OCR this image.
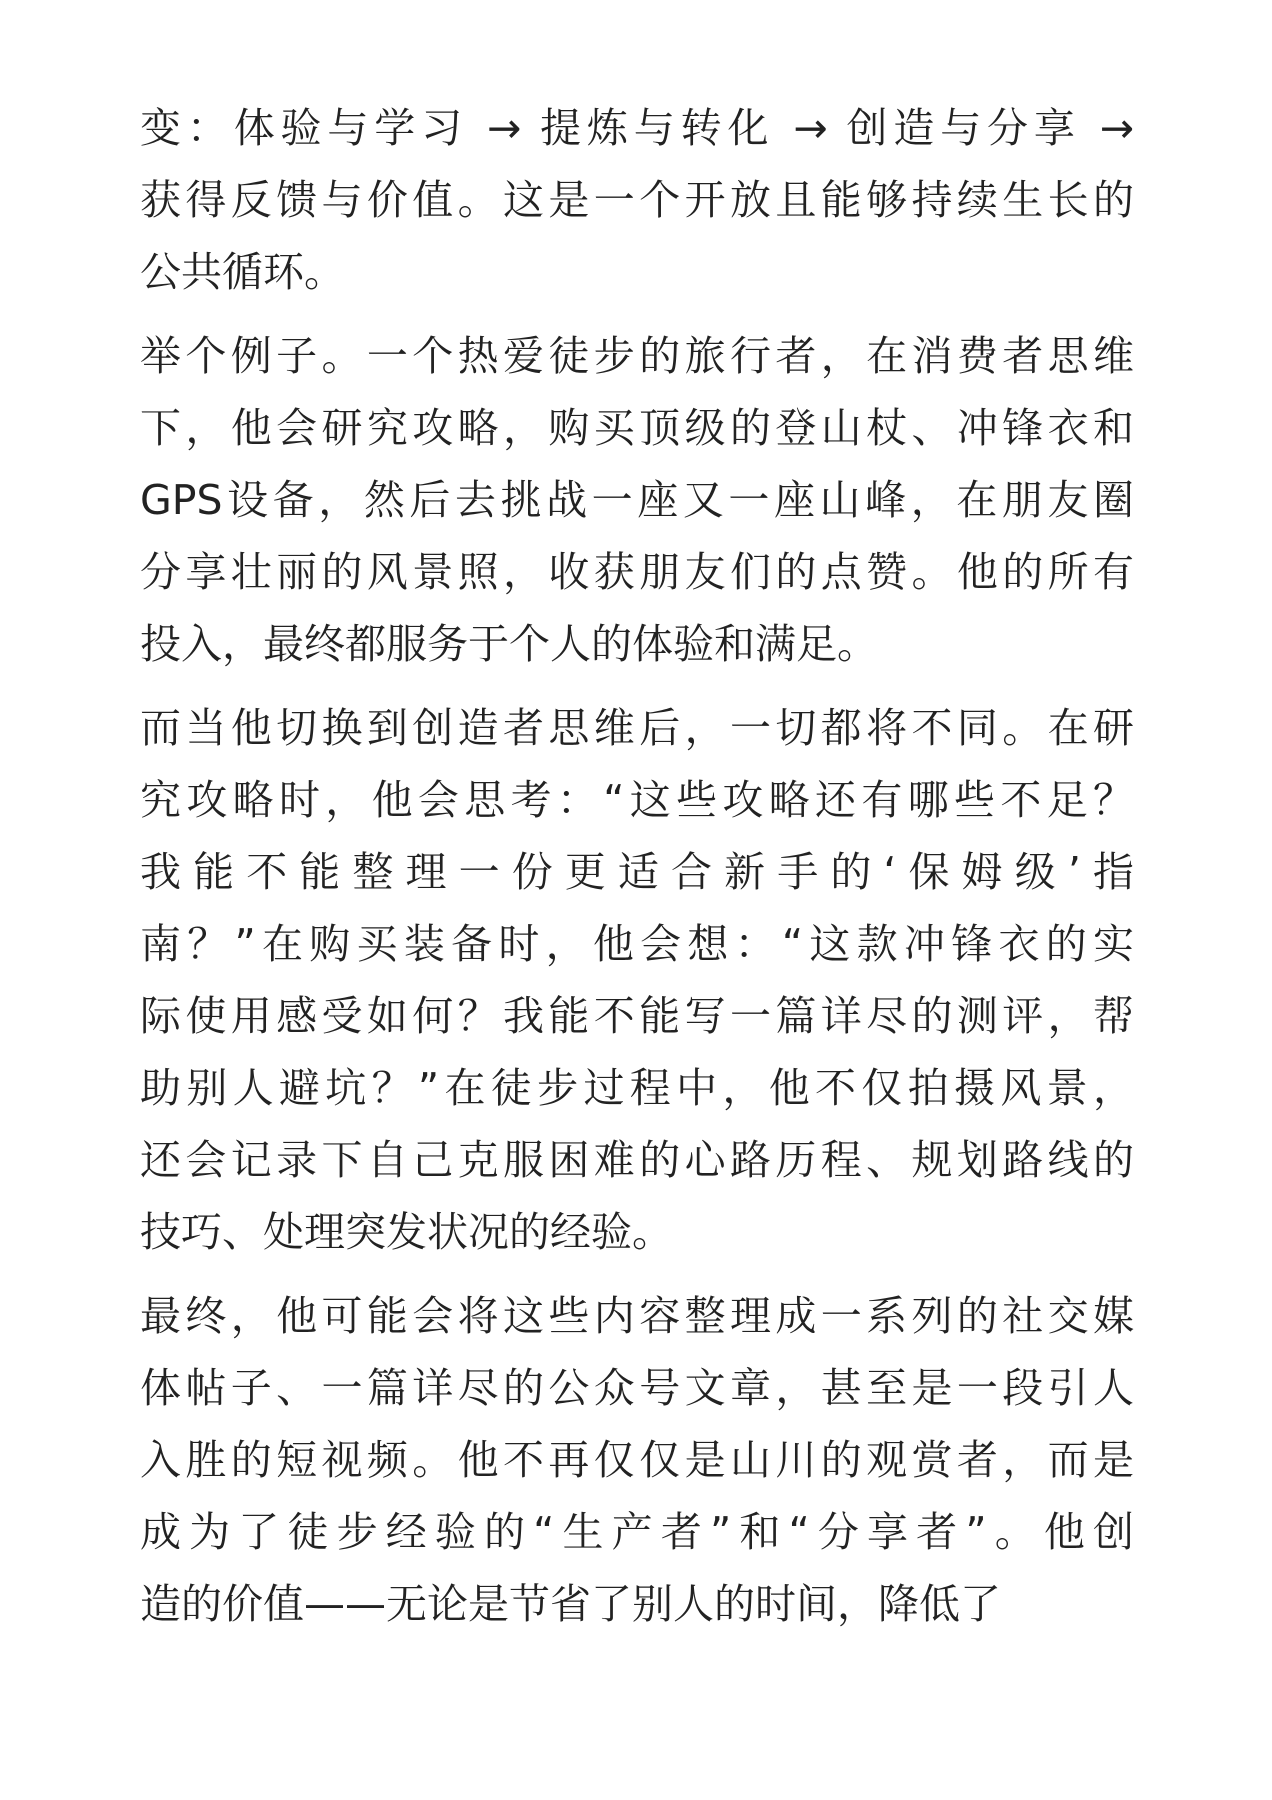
变：体验与学习 → 提炼与转化 → 创造与分享 →
获得反馈与价值。这是一个开放且能够持续生长的
公共循环。

举个例子。一个热爱徒步的旅行者，在消费者思维
下，他会研究攻略，购买顶级的登山杖、冲锋衣和
GPS设备，然后去挑战一座又一座山峰，在朋友圈
分享壮丽的风景照，收获朋友们的点赞。他的所有
投入，最终都服务于个人的体验和满足。

而当他切换到创造者思维后，一切都将不同。在研
究攻略时，他会思考：“这些攻略还有哪些不足？
我能不能整理一份更适合新手的‘保姆级’指
南？”在购买装备时，他会想：“这款冲锋衣的实
际使用感受如何？我能不能写一篇详尽的测评，帮
助别人避坑？”在徒步过程中，他不仅拍摄风景，
还会记录下自己克服困难的心路历程、规划路线的
技巧、处理突发状况的经验。

最终，他可能会将这些内容整理成一系列的社交媒
体帖子、一篇详尽的公众号文章，甚至是一段引人
入胜的短视频。他不再仅仅是山川的观赏者，而是
成为了徒步经验的“生产者”和“分享者”。他创
造的价值——无论是节省了别人的时间，降低了
